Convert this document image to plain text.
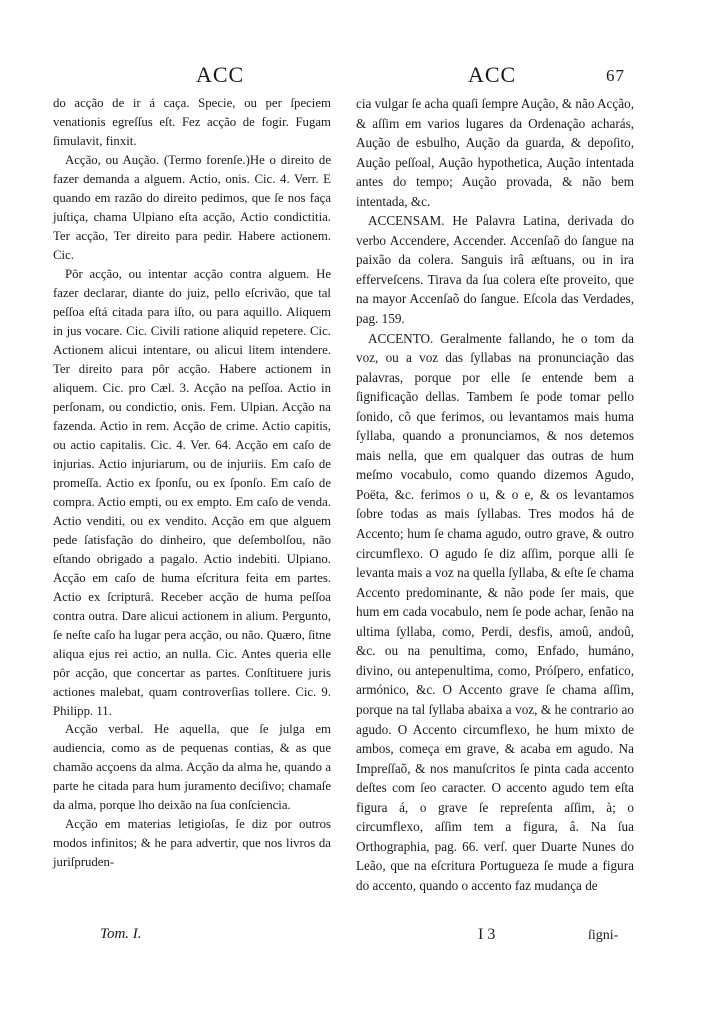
ACC	ACC	67

do acção de ir á caça. Specie, ou per ſpeciem venationis egreſſus eſt. Fez acção de fogir. Fugam ſimulavit, finxit.

Acção, ou Aução. (Termo forenſe.)He o direito de fazer demanda a alguem. Actio, onis. Cic. 4. Verr. E quando em razão do direito pedimos, que ſe nos faça juſtiça, chama Ulpiano eſta acção, Actio condictitia. Ter acção, Ter direito para pedir. Habere actionem. Cic.

Pôr acção, ou intentar acção contra alguem. He fazer declarar, diante do juiz, pello eſcrivão, que tal peſſoa eſtá citada para iſto, ou para aquillo. Aliquem in jus vocare. Cic. Civili ratione aliquid repetere. Cic. Actionem alicui intentare, ou alicui litem intendere. Ter direito para pôr acção. Habere actionem in aliquem. Cic. pro Cæl. 3. Acção na peſſoa. Actio in perſonam, ou condictio, onis. Fem. Ulpian. Acção na fazenda. Actio in rem. Acção de crime. Actio capitis, ou actio capitalis. Cic. 4. Ver. 64. Acção em caſo de injurias. Actio injuriarum, ou de injuriis. Em caſo de promeſſa. Actio ex ſponſu, ou ex ſponſo. Em caſo de compra. Actio empti, ou ex empto. Em caſo de venda. Actio venditi, ou ex vendito. Acção em que alguem pede ſatisfação do dinheiro, que deſembolſou, não eſtando obrigado a pagalo. Actio indebiti. Ulpiano. Acção em caſo de huma eſcritura feita em partes. Actio ex ſcripturâ. Receber acção de huma peſſoa contra outra. Dare alicui actionem in alium. Pergunto, ſe neſte caſo ha lugar pera acção, ou não. Quæro, ſitne aliqua ejus rei actio, an nulla. Cic. Antes queria elle pôr acção, que concertar as partes. Conſtituere juris actiones malebat, quam controverſias tollere. Cic. 9. Philipp. 11.

Acção verbal. He aquella, que ſe julga em audiencia, como as de pequenas contias, & as que chamão acçoens da alma. Acção da alma he, quando a parte he citada para hum juramento deciſivo; chamaſe da alma, porque lho deixão na ſua conſciencia.

Acção em materias letigioſas, ſe diz por outros modos infinitos; & he para advertir, que nos livros da juriſpruden-

cia vulgar ſe acha quaſi ſempre Aução, & não Acção, & aſſim em varios lugares da Ordenação acharás, Aução de esbulho, Aução da guarda, & depoſito, Aução peſſoal, Aução hypothetica, Aução intentada antes do tempo; Aução provada, & não bem intentada, &c.

ACCENSAM. He Palavra Latina, derivada do verbo Accendere, Accender. Accenſaõ do ſangue na paixão da colera. Sanguis irâ æſtuans, ou in ira efferveſcens. Tirava da ſua colera eſte proveito, que na mayor Accenſaõ do ſangue. Eſcola das Verdades, pag. 159.

ACCENTO. Geralmente fallando, he o tom da voz, ou a voz das ſyllabas na pronunciação das palavras, porque por elle ſe entende bem a ſignificação dellas. Tambem ſe pode tomar pello ſonido, cõ que ferimos, ou levantamos mais huma ſyllaba, quando a pronunciamos, & nos detemos mais nella, que em qualquer das outras de hum meſmo vocabulo, como quando dizemos Agudo, Poëta, &c. ferimos o u, & o e, & os levantamos ſobre todas as mais ſyllabas. Tres modos há de Accento; hum ſe chama agudo, outro grave, & outro circumflexo. O agudo ſe diz aſſim, porque alli ſe levanta mais a voz na quella ſyllaba, & eſte ſe chama Accento predominante, & não pode ſer mais, que hum em cada vocabulo, nem ſe pode achar, ſenão na ultima ſyllaba, como, Perdi, desfis, amoû, andoû, &c. ou na penultima, como, Enfado, humáno, divino, ou antepenultima, como, Próſpero, enfatico, armónico, &c. O Accento grave ſe chama aſſim, porque na tal ſyllaba abaixa a voz, & he contrario ao agudo. O Accento circumflexo, he hum mixto de ambos, começa em grave, & acaba em agudo. Na Impreſſaõ, & nos manuſcritos ſe pinta cada accento deſtes com ſeo caracter. O accento agudo tem eſta figura á, o grave ſe repreſenta aſſim, à; o circumflexo, aſſim tem a figura, â. Na ſua Orthographia, pag. 66. verſ. quer Duarte Nunes do Leão, que na eſcritura Portugueza ſe mude a figura do accento, quando o accento faz mudança de

Tom. I.	I 3	ſigni-
